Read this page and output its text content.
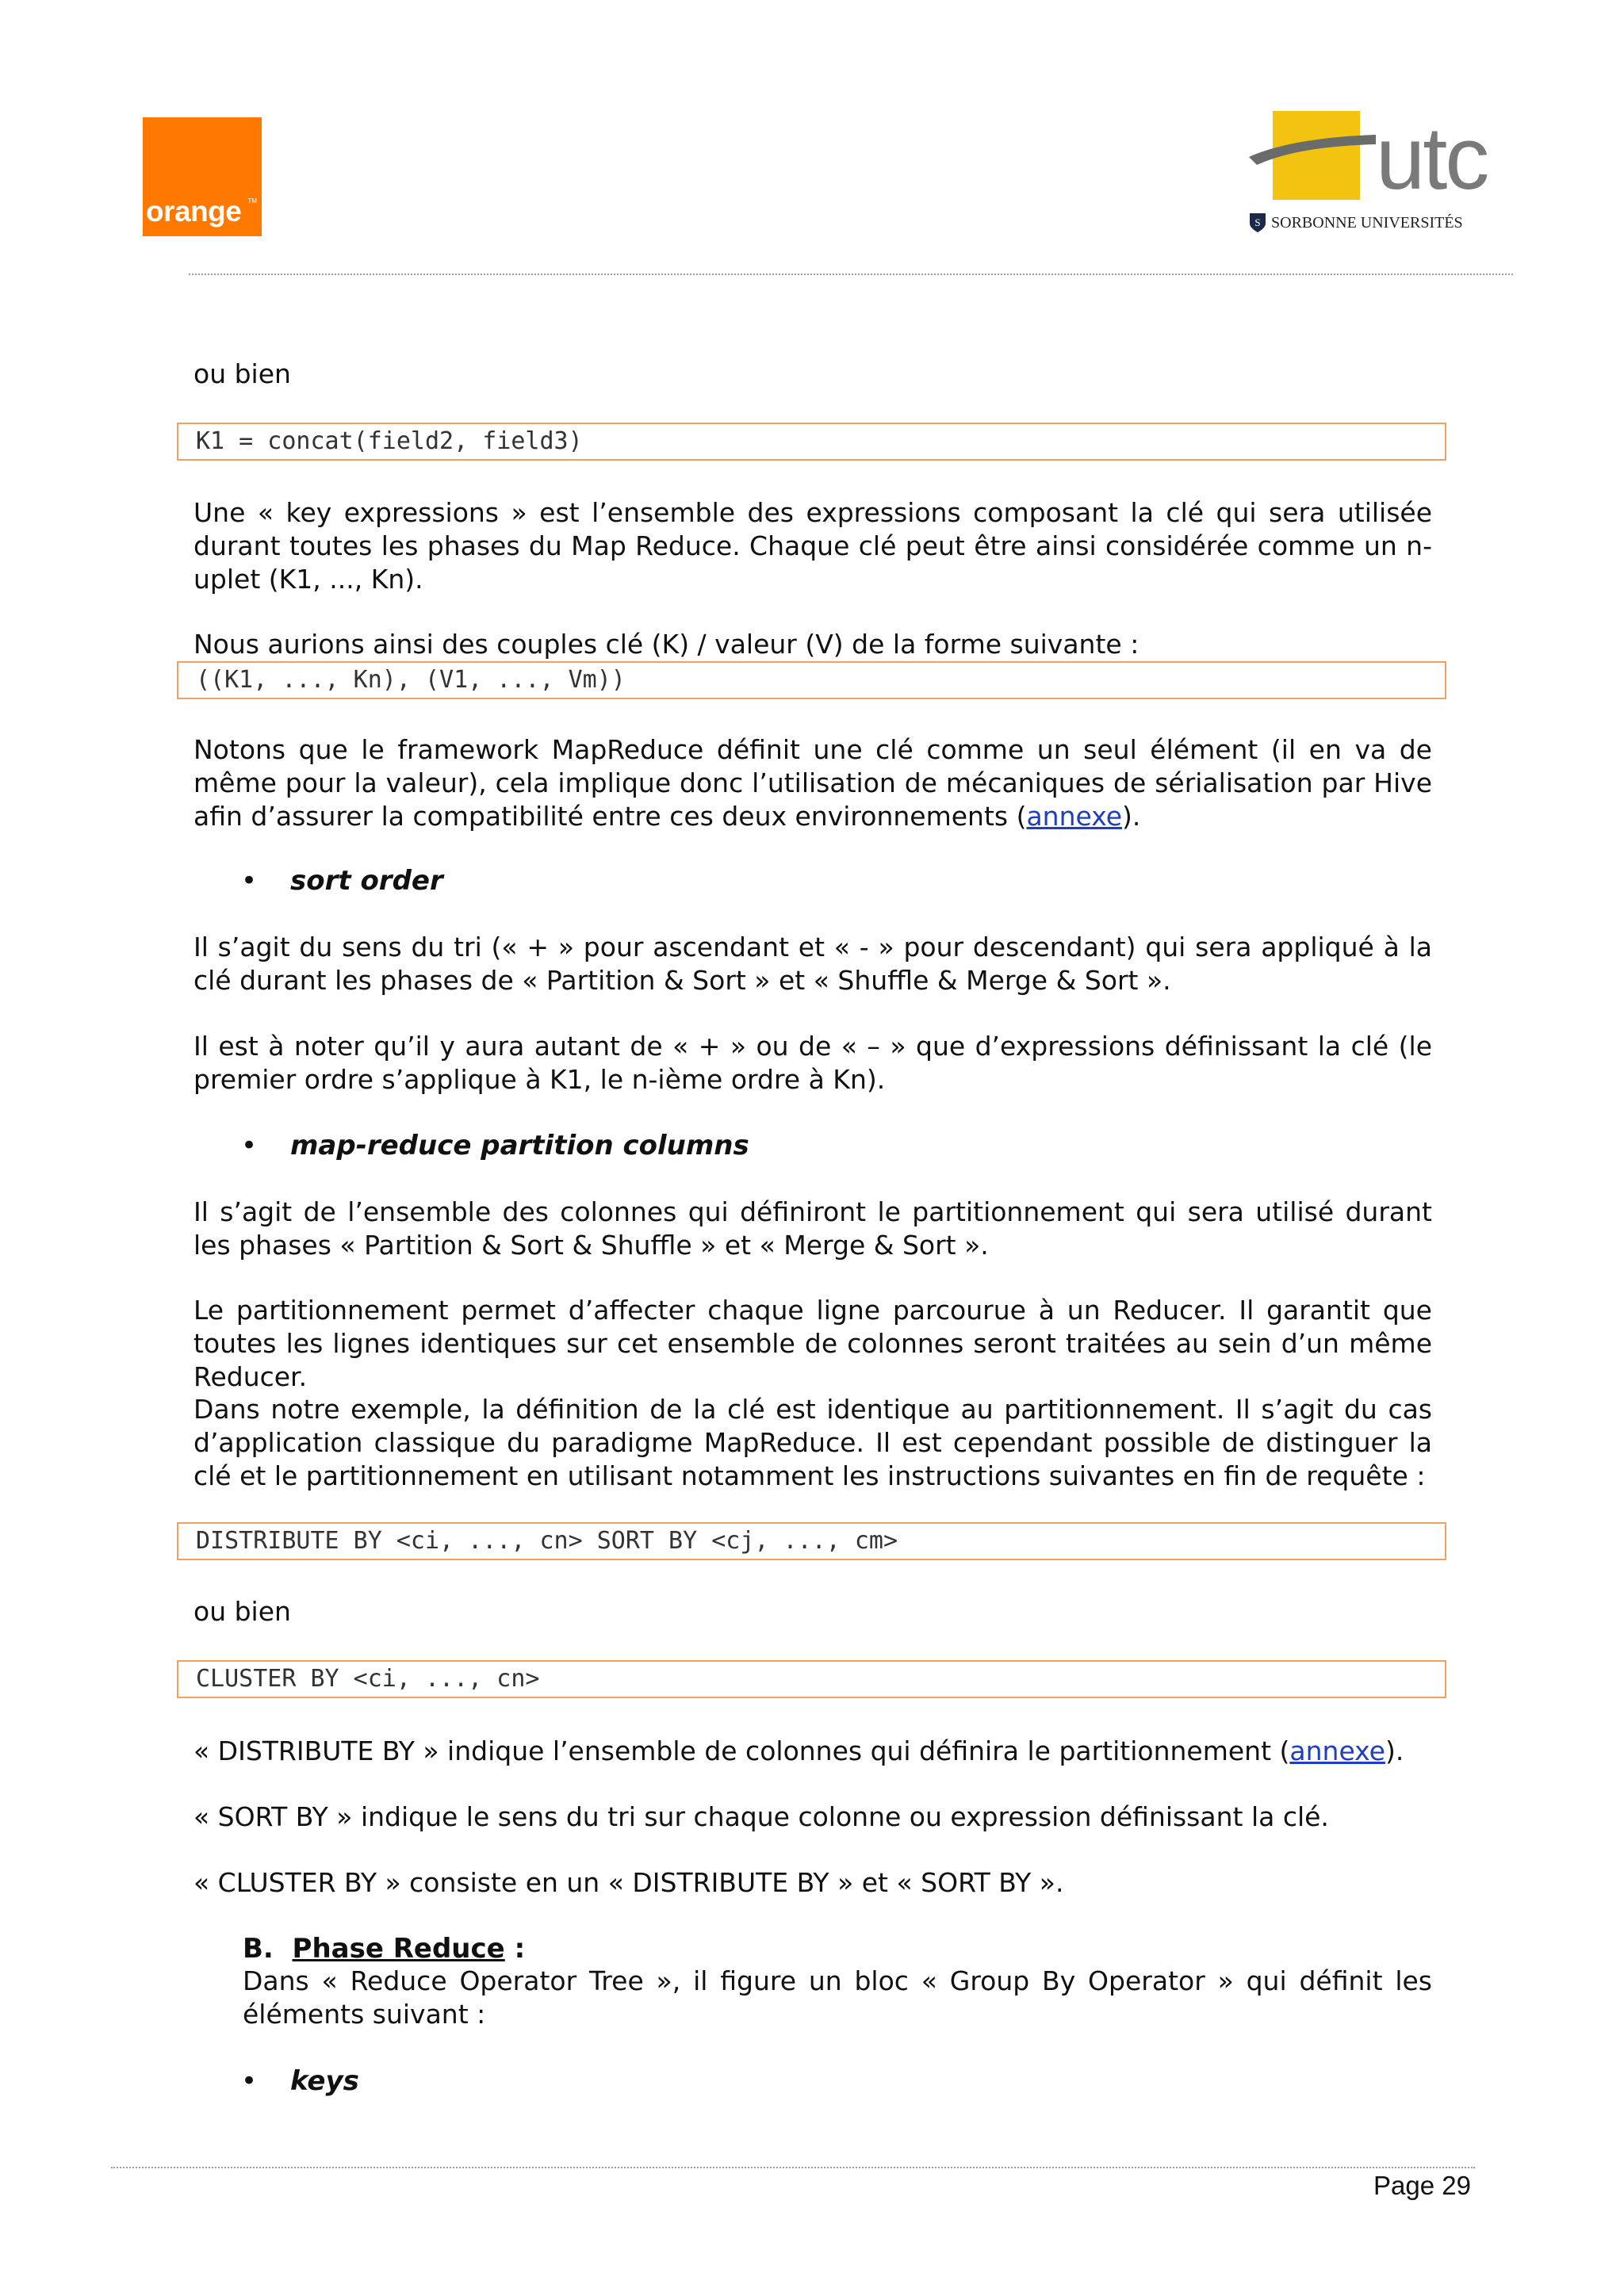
orange TM	utc
S SORBONNE UNIVERSITÉS

ou bien

K1 = concat(field2, field3)

Une « key expressions » est l’ensemble des expressions composant la clé qui sera utilisée durant toutes les phases du Map Reduce. Chaque clé peut être ainsi considérée comme un n-uplet (K1, ..., Kn).

Nous aurions ainsi des couples clé (K) / valeur (V) de la forme suivante :

((K1, ..., Kn), (V1, ..., Vm))

Notons que le framework MapReduce définit une clé comme un seul élément (il en va de même pour la valeur), cela implique donc l’utilisation de mécaniques de sérialisation par Hive afin d’assurer la compatibilité entre ces deux environnements (annexe).

• sort order

Il s’agit du sens du tri (« + » pour ascendant et « - » pour descendant) qui sera appliqué à la clé durant les phases de « Partition & Sort » et « Shuffle & Merge & Sort ».

Il est à noter qu’il y aura autant de « + » ou de « – » que d’expressions définissant la clé (le premier ordre s’applique à K1, le n-ième ordre à Kn).

• map-reduce partition columns

Il s’agit de l’ensemble des colonnes qui définiront le partitionnement qui sera utilisé durant les phases « Partition & Sort & Shuffle » et « Merge & Sort ».

Le partitionnement permet d’affecter chaque ligne parcourue à un Reducer. Il garantit que toutes les lignes identiques sur cet ensemble de colonnes seront traitées au sein d’un même Reducer.

Dans notre exemple, la définition de la clé est identique au partitionnement. Il s’agit du cas d’application classique du paradigme MapReduce. Il est cependant possible de distinguer la clé et le partitionnement en utilisant notamment les instructions suivantes en fin de requête :

DISTRIBUTE BY <ci, ..., cn> SORT BY <cj, ..., cm>

ou bien

CLUSTER BY <ci, ..., cn>

« DISTRIBUTE BY » indique l’ensemble de colonnes qui définira le partitionnement (annexe).

« SORT BY » indique le sens du tri sur chaque colonne ou expression définissant la clé.

« CLUSTER BY » consiste en un « DISTRIBUTE BY » et « SORT BY ».

B. Phase Reduce :

Dans « Reduce Operator Tree », il figure un bloc « Group By Operator » qui définit les éléments suivant :

• keys
Page 29
